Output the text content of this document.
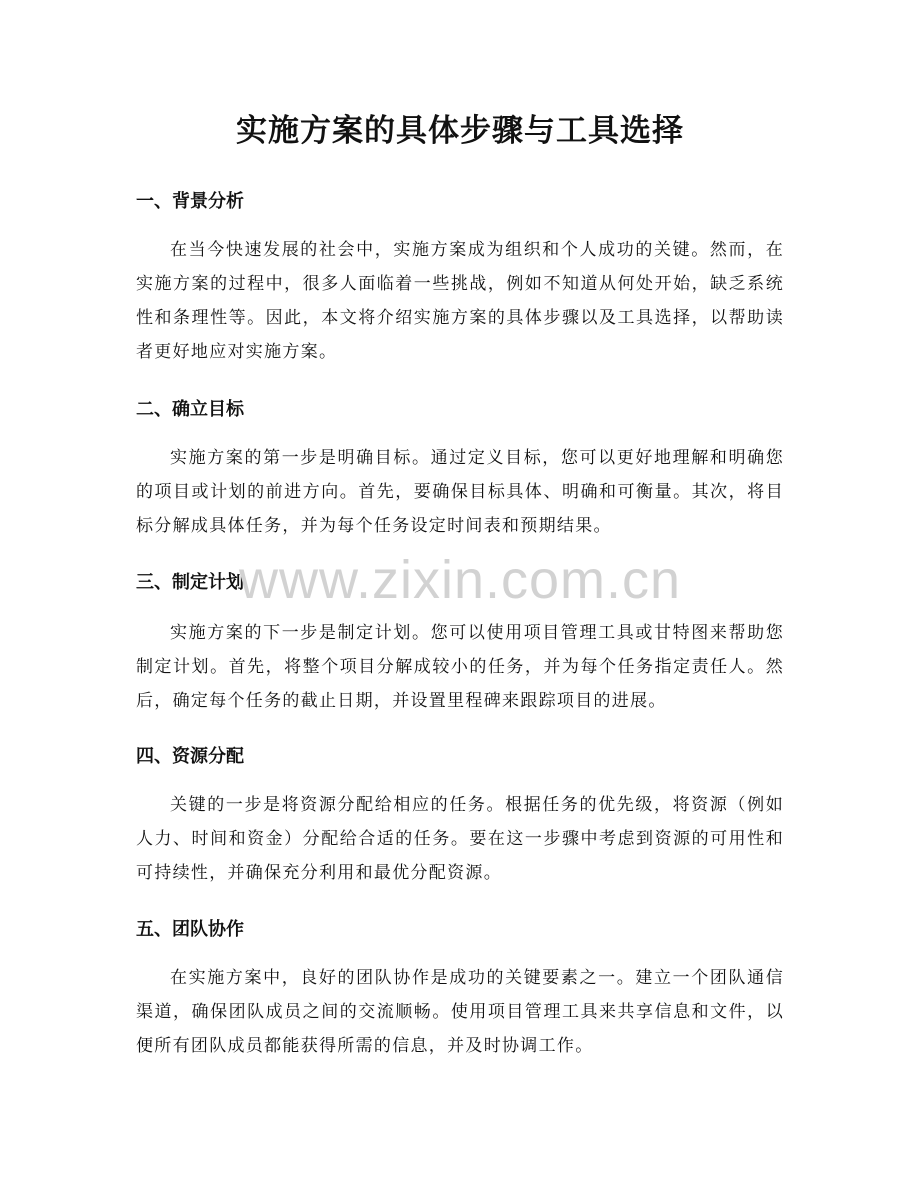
实施方案的具体步骤与工具选择
一、背景分析

在当今快速发展的社会中，实施方案成为组织和个人成功的关键。然而，在实施方案的过程中，很多人面临着一些挑战，例如不知道从何处开始，缺乏系统性和条理性等。因此，本文将介绍实施方案的具体步骤以及工具选择，以帮助读者更好地应对实施方案。

二、确立目标

实施方案的第一步是明确目标。通过定义目标，您可以更好地理解和明确您的项目或计划的前进方向。首先，要确保目标具体、明确和可衡量。其次，将目标分解成具体任务，并为每个任务设定时间表和预期结果。

三、制定计划

实施方案的下一步是制定计划。您可以使用项目管理工具或甘特图来帮助您制定计划。首先，将整个项目分解成较小的任务，并为每个任务指定责任人。然后，确定每个任务的截止日期，并设置里程碑来跟踪项目的进展。

四、资源分配

关键的一步是将资源分配给相应的任务。根据任务的优先级，将资源（例如人力、时间和资金）分配给合适的任务。要在这一步骤中考虑到资源的可用性和可持续性，并确保充分利用和最优分配资源。

五、团队协作

在实施方案中，良好的团队协作是成功的关键要素之一。建立一个团队通信渠道，确保团队成员之间的交流顺畅。使用项目管理工具来共享信息和文件，以便所有团队成员都能获得所需的信息，并及时协调工作。

www.zixin.com.cn
